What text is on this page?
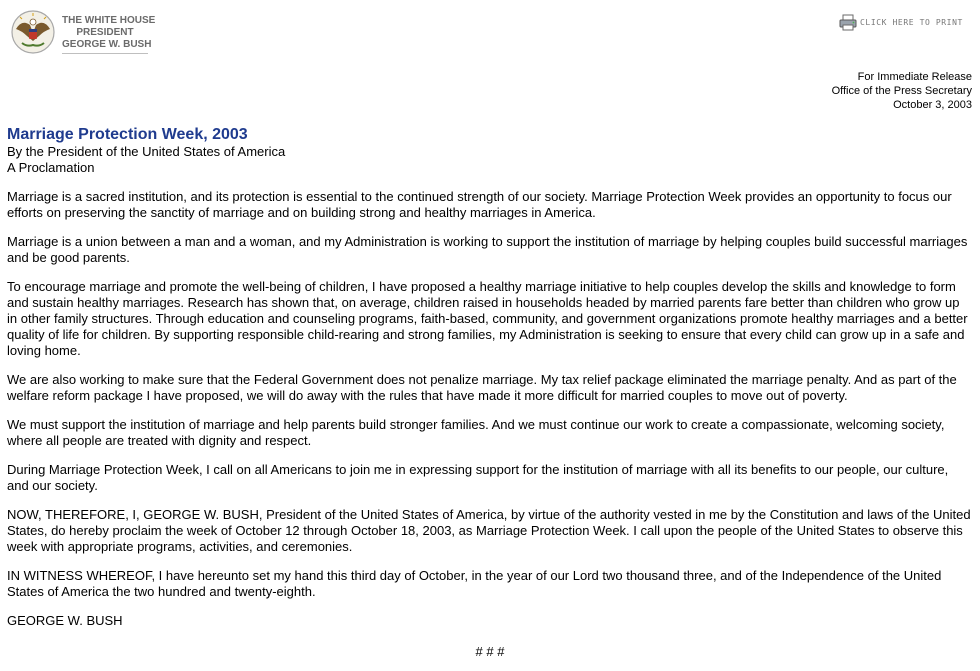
THE WHITE HOUSE
PRESIDENT
GEORGE W. BUSH
CLICK HERE TO PRINT
For Immediate Release
Office of the Press Secretary
October 3, 2003
Marriage Protection Week, 2003
By the President of the United States of America
A Proclamation

Marriage is a sacred institution, and its protection is essential to the continued strength of our society. Marriage Protection Week provides an opportunity to focus our efforts on preserving the sanctity of marriage and on building strong and healthy marriages in America.

Marriage is a union between a man and a woman, and my Administration is working to support the institution of marriage by helping couples build successful marriages and be good parents.

To encourage marriage and promote the well-being of children, I have proposed a healthy marriage initiative to help couples develop the skills and knowledge to form and sustain healthy marriages. Research has shown that, on average, children raised in households headed by married parents fare better than children who grow up in other family structures. Through education and counseling programs, faith-based, community, and government organizations promote healthy marriages and a better quality of life for children. By supporting responsible child-rearing and strong families, my Administration is seeking to ensure that every child can grow up in a safe and loving home.

We are also working to make sure that the Federal Government does not penalize marriage. My tax relief package eliminated the marriage penalty. And as part of the welfare reform package I have proposed, we will do away with the rules that have made it more difficult for married couples to move out of poverty.

We must support the institution of marriage and help parents build stronger families. And we must continue our work to create a compassionate, welcoming society, where all people are treated with dignity and respect.

During Marriage Protection Week, I call on all Americans to join me in expressing support for the institution of marriage with all its benefits to our people, our culture, and our society.

NOW, THEREFORE, I, GEORGE W. BUSH, President of the United States of America, by virtue of the authority vested in me by the Constitution and laws of the United States, do hereby proclaim the week of October 12 through October 18, 2003, as Marriage Protection Week. I call upon the people of the United States to observe this week with appropriate programs, activities, and ceremonies.

IN WITNESS WHEREOF, I have hereunto set my hand this third day of October, in the year of our Lord two thousand three, and of the Independence of the United States of America the two hundred and twenty-eighth.

GEORGE W. BUSH

# # #
